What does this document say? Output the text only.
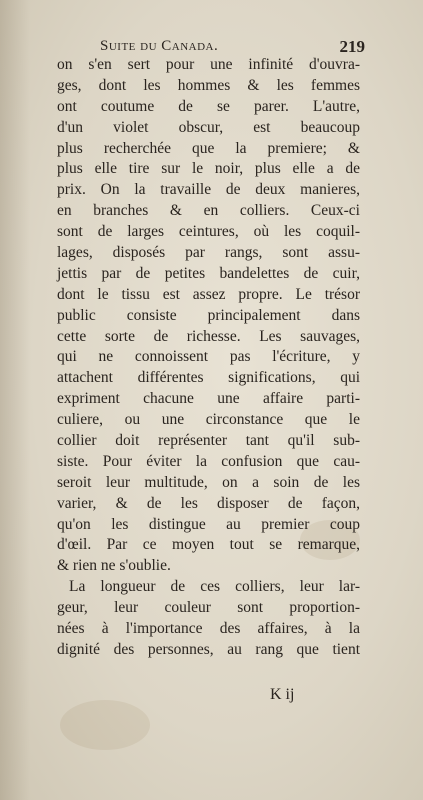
Suite du Canada.	219
on s'en sert pour une infinité d'ouvra-
ges, dont les hommes & les femmes
ont coutume de se parer. L'autre,
d'un violet obscur, est beaucoup
plus recherchée que la premiere; &
plus elle tire sur le noir, plus elle a de
prix. On la travaille de deux manieres,
en branches & en colliers. Ceux-ci
sont de larges ceintures, où les coquil-
lages, disposés par rangs, sont assu-
jettis par de petites bandelettes de cuir,
dont le tissu est assez propre. Le trésor
public consiste principalement dans
cette sorte de richesse. Les sauvages,
qui ne connoissent pas l'écriture, y
attachent différentes significations, qui
expriment chacune une affaire parti-
culiere, ou une circonstance que le
collier doit représenter tant qu'il sub-
siste. Pour éviter la confusion que cau-
seroit leur multitude, on a soin de les
varier, & de les disposer de façon,
qu'on les distingue au premier coup
d'œil. Par ce moyen tout se remarque,
& rien ne s'oublie.
La longueur de ces colliers, leur lar-
geur, leur couleur sont proportion-
nées à l'importance des affaires, à la
dignité des personnes, au rang que tient
K ij
